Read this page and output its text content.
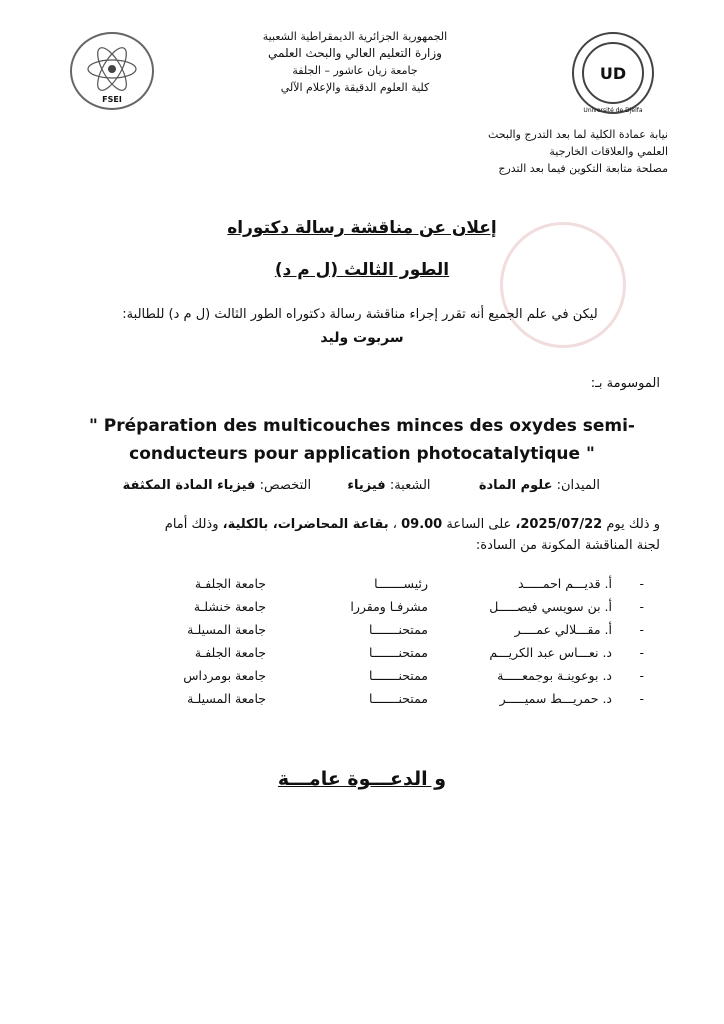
FSEI
الجمهورية الجزائرية الديمقراطية الشعبية
وزارة التعليم العالي والبحث العلمي
جامعة زيان عاشور – الجلفة
كلية العلوم الدقيقة والإعلام الآلي
UD
Université de Djelfa
نيابة عمادة الكلية لما بعد التدرج والبحث
العلمي والعلاقات الخارجية
مصلحة متابعة التكوين فيما بعد التدرج
إعلان عن مناقشة رسالة دكتوراه
الطور الثالث (ل م د)
ليكن في علم الجميع أنه تقرر إجراء مناقشة رسالة دكتوراه الطور الثالث (ل م د) للطالبة:
سربوت وليد
الموسومة بـ:
" Préparation des multicouches minces des oxydes semi-conducteurs pour application photocatalytique "
الميدان: علوم المادة  الشعبة: فيزياء  التخصص: فيزياء المادة المكثفة
و ذلك يوم 2025/07/22، على الساعة 09.00 ، بقاعة المحاضرات، بالكلية، وذلك أمام
لجنة المناقشة المكونة من السادة:
-
أ. قديـــم احمـــــد
رئيســـــــا
جامعة الجلفـة
-
أ. بن سويسي فيصـــــل
مشرفـا ومقررا
جامعة خنشلـة
-
أ. مقـــلالي عمــــر
ممتحنـــــــا
جامعة المسيلـة
-
د. نعـــاس عبد الكريـــم
ممتحنـــــــا
جامعة الجلفـة
-
د. بوعوينـة بوجمعـــــة
ممتحنـــــــا
جامعة بومرداس
-
د. حمريـــط سميـــــر
ممتحنـــــــا
جامعة المسيلـة
و الدعـــوة عامـــة
